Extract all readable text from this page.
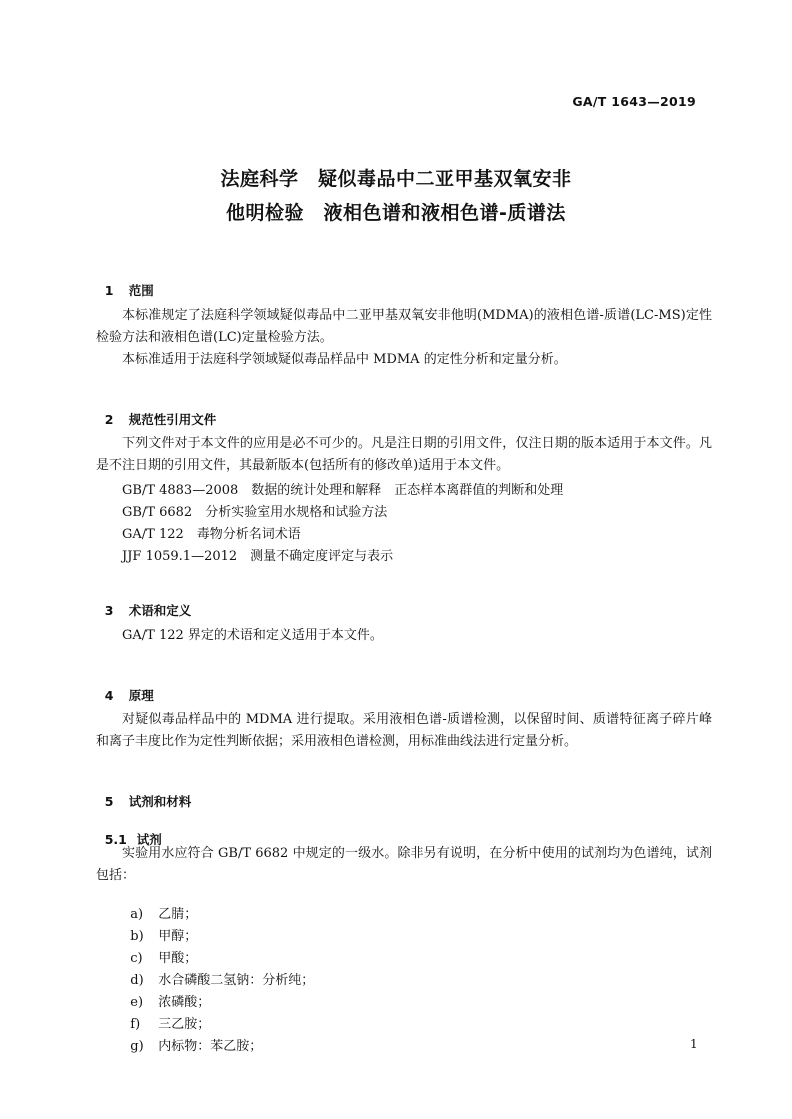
GA/T 1643—2019
法庭科学　疑似毒品中二亚甲基双氧安非
他明检验　液相色谱和液相色谱-质谱法

1 范围

本标准规定了法庭科学领域疑似毒品中二亚甲基双氧安非他明(MDMA)的液相色谱-质谱(LC-MS)定性检验方法和液相色谱(LC)定量检验方法。
本标准适用于法庭科学领域疑似毒品样品中 MDMA 的定性分析和定量分析。

2 规范性引用文件

下列文件对于本文件的应用是必不可少的。凡是注日期的引用文件，仅注日期的版本适用于本文件。凡是不注日期的引用文件，其最新版本(包括所有的修改单)适用于本文件。
GB/T 4883—2008　数据的统计处理和解释　正态样本离群值的判断和处理
GB/T 6682　分析实验室用水规格和试验方法
GA/T 122　毒物分析名词术语
JJF 1059.1—2012　测量不确定度评定与表示

3 术语和定义

GA/T 122 界定的术语和定义适用于本文件。

4 原理

对疑似毒品样品中的 MDMA 进行提取。采用液相色谱-质谱检测，以保留时间、质谱特征离子碎片峰和离子丰度比作为定性判断依据；采用液相色谱检测，用标准曲线法进行定量分析。

5 试剂和材料

5.1 试剂

实验用水应符合 GB/T 6682 中规定的一级水。除非另有说明，在分析中使用的试剂均为色谱纯，试剂包括：

a) 乙腈；

b) 甲醇；

c) 甲酸；

d) 水合磷酸二氢钠：分析纯；

e) 浓磷酸；

f) 三乙胺；

g) 内标物：苯乙胺；	1
